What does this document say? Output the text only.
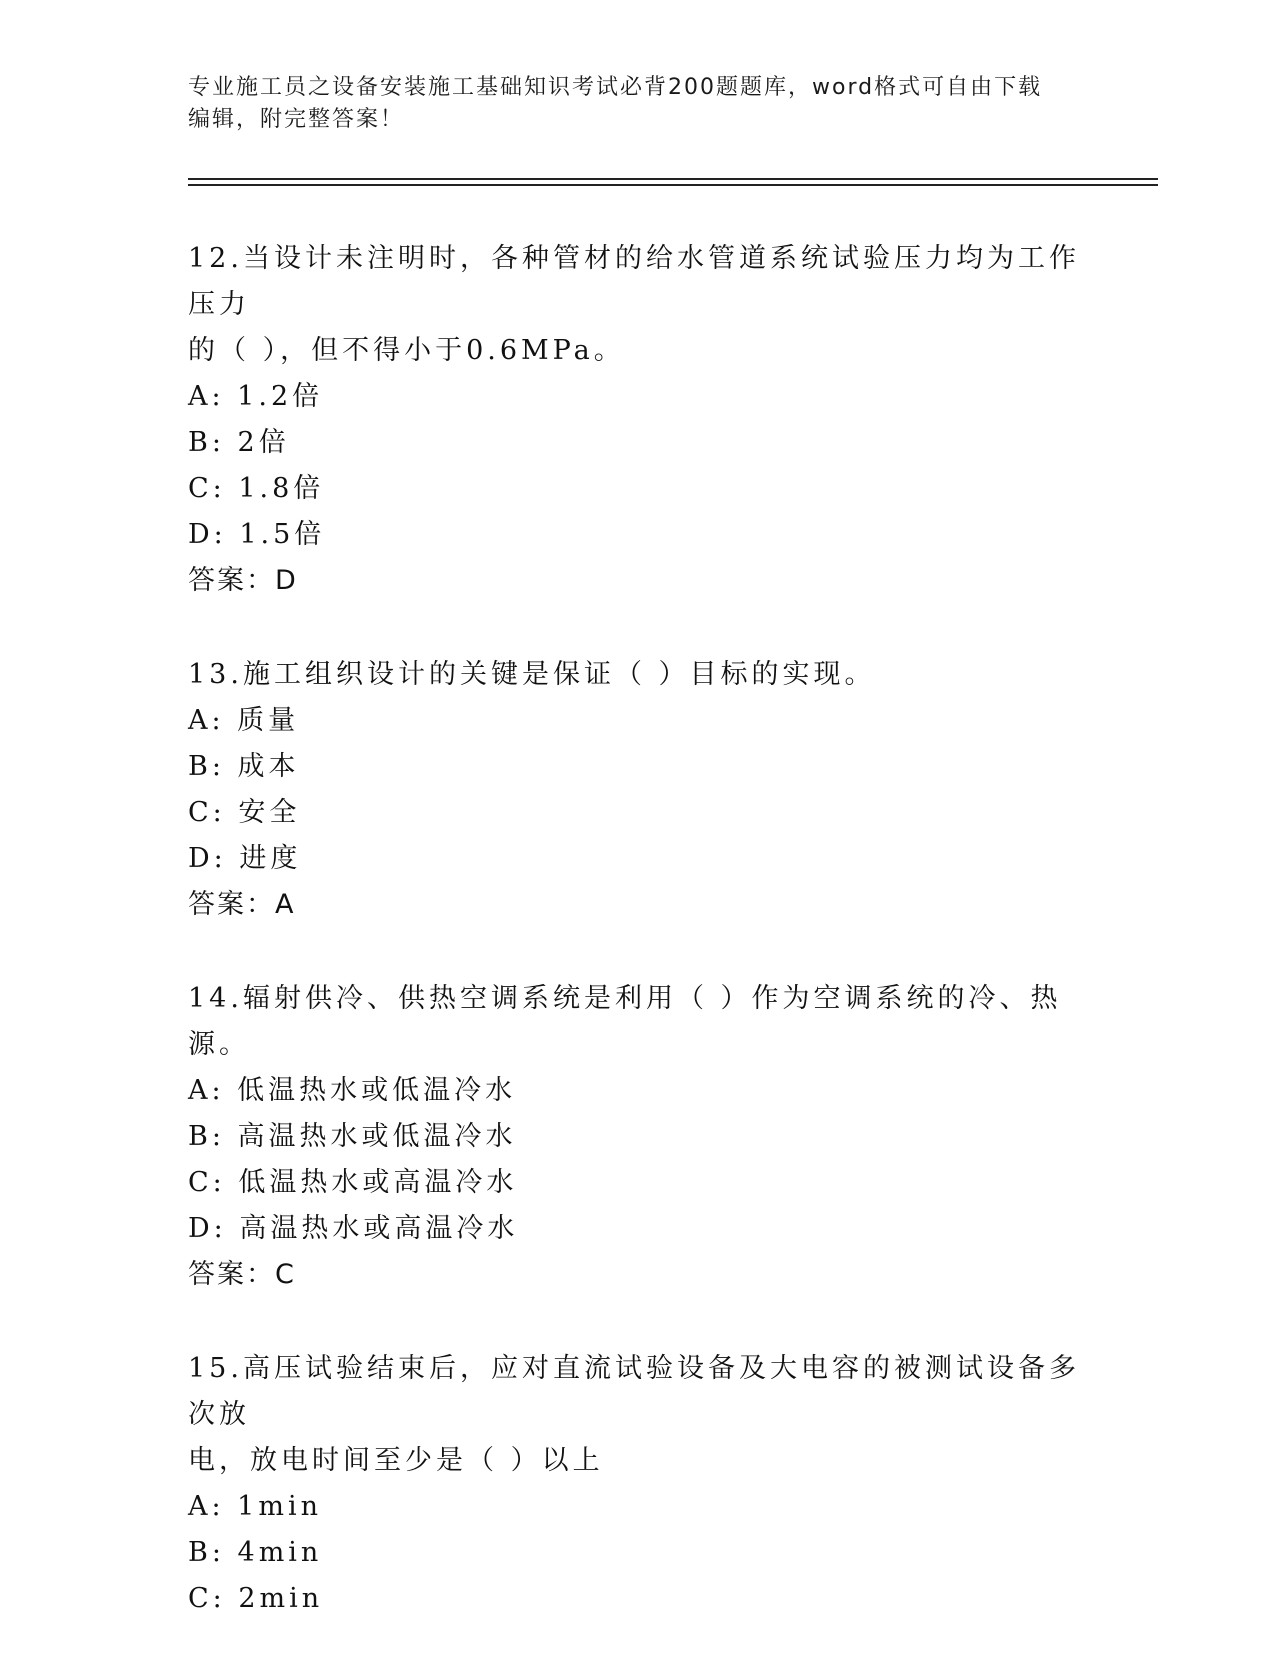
专业施工员之设备安装施工基础知识考试必背200题题库，word格式可自由下载
编辑，附完整答案！
12.当设计未注明时，各种管材的给水管道系统试验压力均为工作压力
的（ ），但不得小于0.6MPa。
A: 1.2倍
B: 2倍
C: 1.8倍
D: 1.5倍
答案：D
13.施工组织设计的关键是保证（ ）目标的实现。
A: 质量
B: 成本
C: 安全
D: 进度
答案：A
14.辐射供冷、供热空调系统是利用（ ）作为空调系统的冷、热源。
A: 低温热水或低温冷水
B: 高温热水或低温冷水
C: 低温热水或高温冷水
D: 高温热水或高温冷水
答案：C
15.高压试验结束后，应对直流试验设备及大电容的被测试设备多次放
电，放电时间至少是（ ）以上
A: 1min
B: 4min
C: 2min
